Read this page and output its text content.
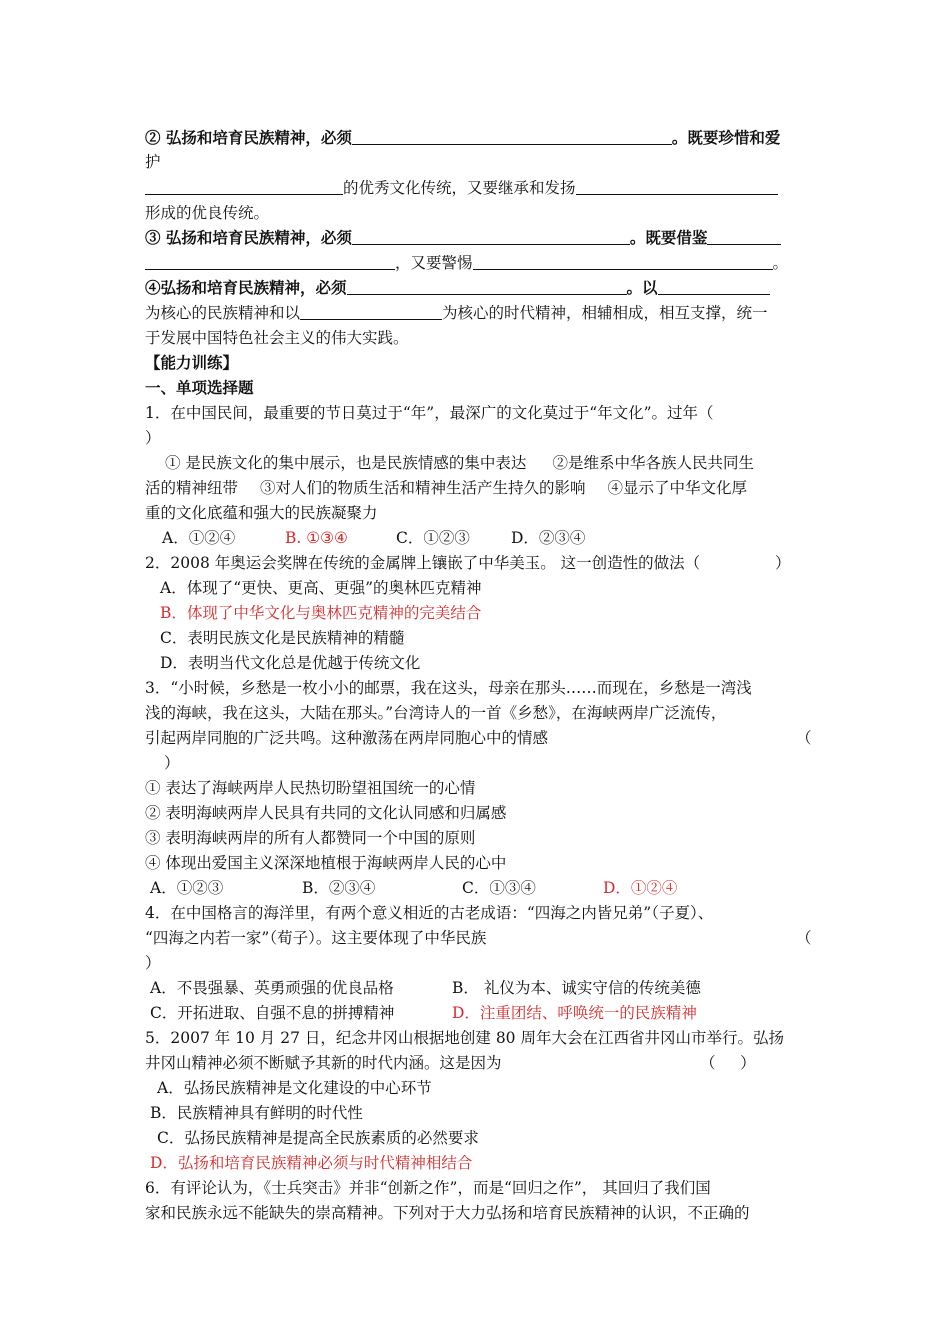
② 弘扬和培育民族精神，必须	。既要珍惜和爱
护
的优秀文化传统，又要继承和发扬
形成的优良传统。
③ 弘扬和培育民族精神，必须	。既要借鉴
，又要警惕	。
④弘扬和培育民族精神，必须	。以
为核心的民族精神和以	为核心的时代精神，相辅相成，相互支撑，统一
于发展中国特色社会主义的伟大实践。
【能力训练】
一、单项选择题
1．在中国民间，最重要的节日莫过于“年”，最深广的文化莫过于“年文化”。过年（
）
① 是民族文化的集中展示，也是民族情感的集中表达 ②是维系中华各族人民共同生
活的精神纽带 ③对人们的物质生活和精神生活产生持久的影响 ④显示了中华文化厚
重的文化底蕴和强大的民族凝聚力
A．①②④	B. ①③④	C．①②③	D．②③④
2．2008 年奥运会奖牌在传统的金属牌上镶嵌了中华美玉。 这一创造性的做法（	）
A．体现了“更快、更高、更强”的奥林匹克精神
B．体现了中华文化与奥林匹克精神的完美结合
C．表明民族文化是民族精神的精髓
D．表明当代文化总是优越于传统文化
3．“小时候，乡愁是一枚小小的邮票，我在这头，母亲在那头……而现在，乡愁是一湾浅
浅的海峡，我在这头，大陆在那头。”台湾诗人的一首《乡愁》，在海峡两岸广泛流传，
引起两岸同胞的广泛共鸣。这种激荡在两岸同胞心中的情感	（
）
① 表达了海峡两岸人民热切盼望祖国统一的心情
② 表明海峡两岸人民具有共同的文化认同感和归属感
③ 表明海峡两岸的所有人都赞同一个中国的原则
④ 体现出爱国主义深深地植根于海峡两岸人民的心中
A．①②③	B．②③④	C．①③④	D．①②④
4．在中国格言的海洋里，有两个意义相近的古老成语：“四海之内皆兄弟”（子夏）、
“四海之内若一家”（荀子）。这主要体现了中华民族	（
）
A．不畏强暴、英勇顽强的优良品格	B． 礼仪为本、诚实守信的传统美德
C．开拓进取、自强不息的拼搏精神	D．注重团结、呼唤统一的民族精神
5．2007 年 10 月 27 日，纪念井冈山根据地创建 80 周年大会在江西省井冈山市举行。弘扬
井冈山精神必须不断赋予其新的时代内涵。这是因为	（     ）
A．弘扬民族精神是文化建设的中心环节
B．民族精神具有鲜明的时代性
C．弘扬民族精神是提高全民族素质的必然要求
D．弘扬和培育民族精神必须与时代精神相结合
6．有评论认为，《士兵突击》并非“创新之作”，而是“回归之作”， 其回归了我们国
家和民族永远不能缺失的崇高精神。下列对于大力弘扬和培育民族精神的认识，不正确的
